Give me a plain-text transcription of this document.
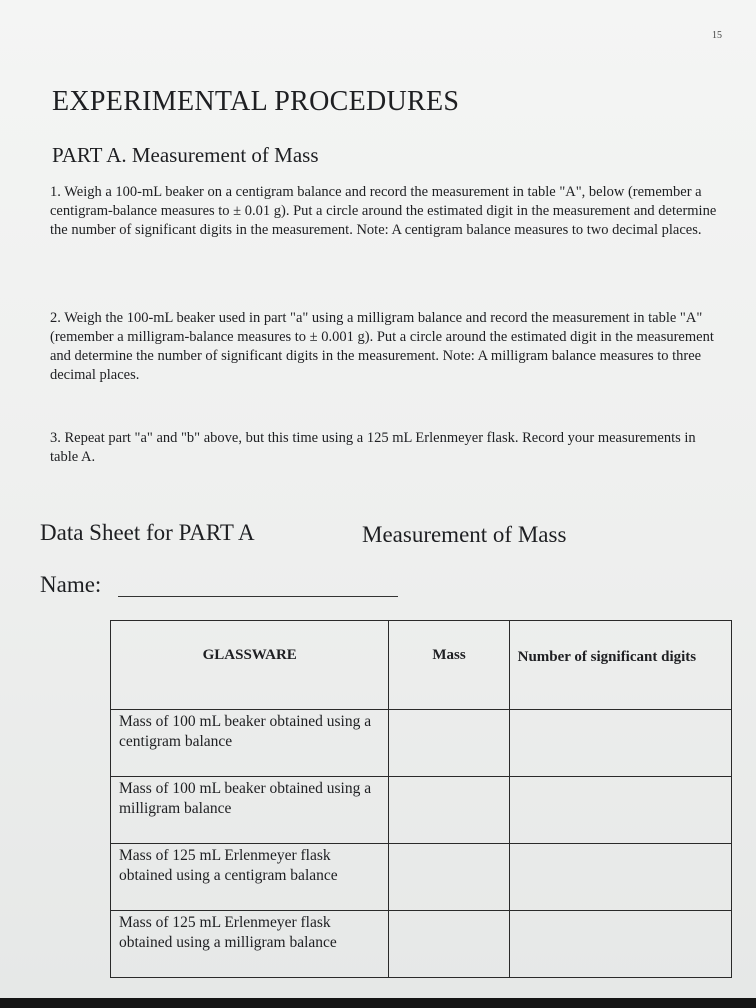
15
EXPERIMENTAL PROCEDURES
PART A. Measurement of Mass

1. Weigh a 100-mL beaker on a centigram balance and record the measurement in table "A", below (remember a centigram-balance measures to ± 0.01 g). Put a circle around the estimated digit in the measurement and determine the number of significant digits in the measurement. Note: A centigram balance measures to two decimal places.

2. Weigh the 100-mL beaker used in part "a" using a milligram balance and record the measurement in table "A" (remember a milligram-balance measures to ± 0.001 g). Put a circle around the estimated digit in the measurement and determine the number of significant digits in the measurement. Note: A milligram balance measures to three decimal places.

3. Repeat part "a" and "b" above, but this time using a 125 mL Erlenmeyer flask. Record your measurements in table A.

Data Sheet for PART A	Measurement of Mass
Name:
GLASSWARE	Mass	Number of significant digits
Mass of 100 mL beaker obtained using a centigram balance		
Mass of 100 mL beaker obtained using a milligram balance		
Mass of 125 mL Erlenmeyer flask obtained using a centigram balance		
Mass of 125 mL Erlenmeyer flask obtained using a milligram balance		
